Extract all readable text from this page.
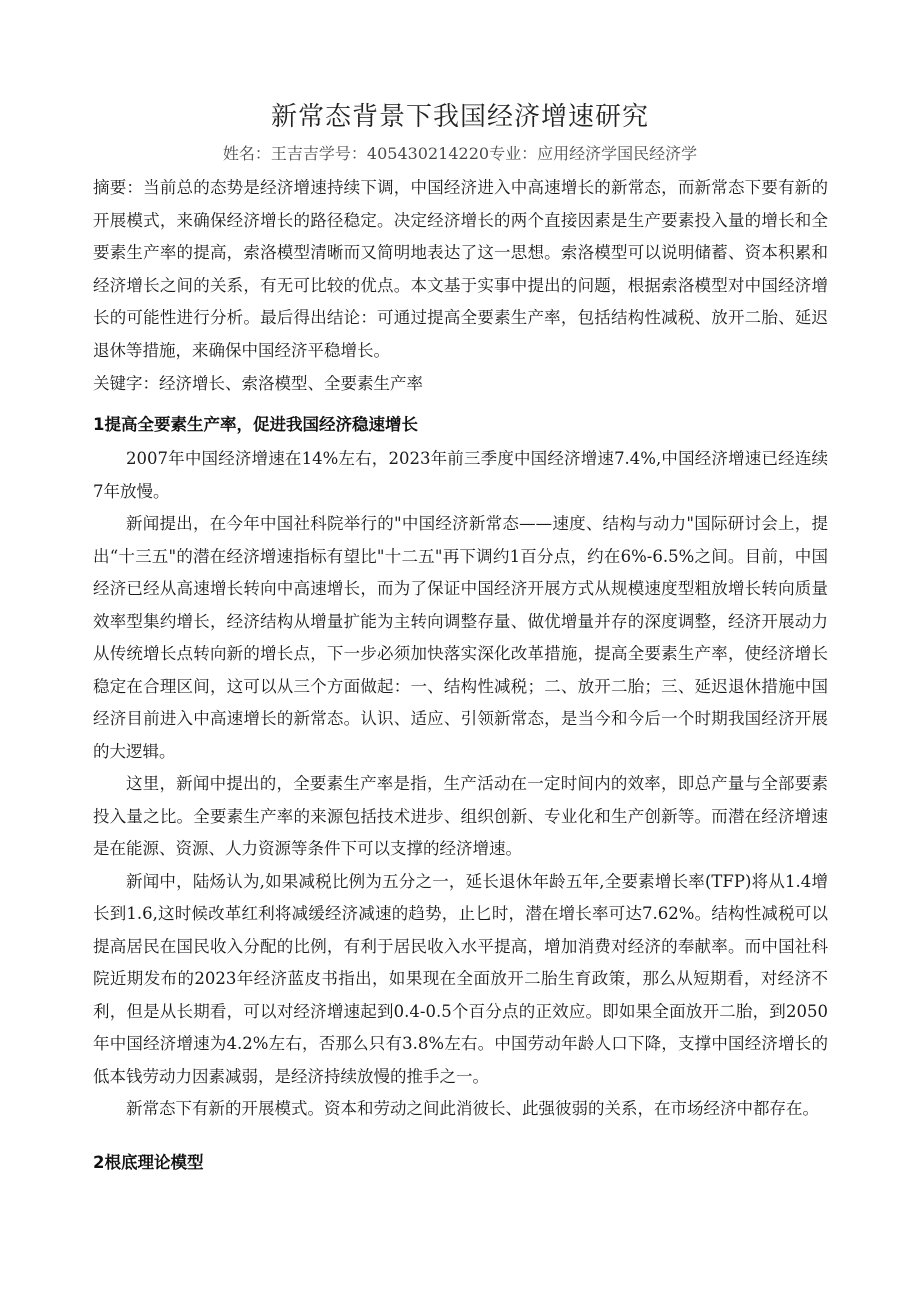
新常态背景下我国经济增速研究
姓名：王吉吉学号：405430214220专业：应用经济学国民经济学
摘要：当前总的态势是经济增速持续下调，中国经济进入中高速增长的新常态，而新常态下要有新的开展模式，来确保经济增长的路径稳定。决定经济增长的两个直接因素是生产要素投入量的增长和全要素生产率的提高，索洛模型清晰而又简明地表达了这一思想。索洛模型可以说明储蓄、资本积累和经济增长之间的关系，有无可比较的优点。本文基于实事中提出的问题，根据索洛模型对中国经济增长的可能性进行分析。最后得出结论：可通过提高全要素生产率，包括结构性减税、放开二胎、延迟退休等措施，来确保中国经济平稳增长。
关键字：经济增长、索洛模型、全要素生产率
1提高全要素生产率，促进我国经济稳速增长

2007年中国经济增速在14%左右，2023年前三季度中国经济增速7.4%,中国经济增速已经连续7年放慢。

新闻提出，在今年中国社科院举行的"中国经济新常态——速度、结构与动力"国际研讨会上，提出“十三五"的潜在经济增速指标有望比"十二五"再下调约1百分点，约在6%-6.5%之间。目前，中国经济已经从高速增长转向中高速增长，而为了保证中国经济开展方式从规模速度型粗放增长转向质量效率型集约增长，经济结构从增量扩能为主转向调整存量、做优增量并存的深度调整，经济开展动力从传统增长点转向新的增长点，下一步必须加快落实深化改革措施，提高全要素生产率，使经济增长稳定在合理区间，这可以从三个方面做起：一、结构性减税；二、放开二胎；三、延迟退休措施中国经济目前进入中高速增长的新常态。认识、适应、引领新常态，是当今和今后一个时期我国经济开展的大逻辑。

这里，新闻中提出的，全要素生产率是指，生产活动在一定时间内的效率，即总产量与全部要素投入量之比。全要素生产率的来源包括技术进步、组织创新、专业化和生产创新等。而潜在经济增速是在能源、资源、人力资源等条件下可以支撑的经济增速。

新闻中，陆炀认为,如果减税比例为五分之一，延长退休年龄五年,全要素增长率(TFP)将从1.4增长到1.6,这时候改革红利将减缓经济减速的趋势，止匕时，潜在增长率可达7.62%。结构性减税可以提高居民在国民收入分配的比例，有利于居民收入水平提高，增加消费对经济的奉献率。而中国社科院近期发布的2023年经济蓝皮书指出，如果现在全面放开二胎生育政策，那么从短期看，对经济不利，但是从长期看，可以对经济增速起到0.4-0.5个百分点的正效应。即如果全面放开二胎，到2050年中国经济增速为4.2%左右，否那么只有3.8%左右。中国劳动年龄人口下降，支撑中国经济增长的低本钱劳动力因素减弱，是经济持续放慢的推手之一。

新常态下有新的开展模式。资本和劳动之间此消彼长、此强彼弱的关系，在市场经济中都存在。

2根底理论模型
